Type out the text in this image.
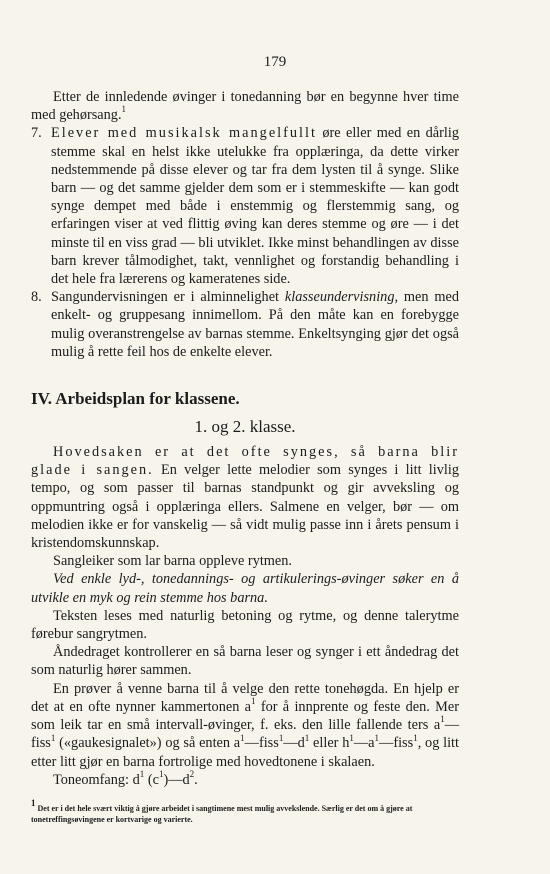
179

Etter de innledende øvinger i tonedanning bør en begynne hver time med gehørsang.$^1$

7. Elever med musikalsk mangelfullt øre eller med en dårlig stemme skal en helst ikke utelukke fra opplæringa, da dette virker nedstemmende på disse elever og tar fra dem lysten til å synge. Slike barn — og det samme gjelder dem som er i stemmeskifte — kan godt synge dempet med både i enstemmig og flerstemmig sang, og erfaringen viser at ved flittig øving kan deres stemme og øre — i det minste til en viss grad — bli utviklet. Ikke minst behandlingen av disse barn krever tålmodighet, takt, vennlighet og forstandig behandling i det hele fra lærerens og kameratenes side.
8. Sangundervisningen er i alminnelighet klasseundervisning, men med enkelt- og gruppesang innimellom. På den måte kan en forebygge mulig overanstrengelse av barnas stemme. Enkeltsynging gjør det også mulig å rette feil hos de enkelte elever.
IV. Arbeidsplan for klassene.
1. og 2. klasse.

Hovedsaken er at det ofte synges, så barna blir glade i sangen. En velger lette melodier som synges i litt livlig tempo, og som passer til barnas standpunkt og gir avveksling og oppmuntring også i opplæringa ellers. Salmene en velger, bør — om melodien ikke er for vanskelig — så vidt mulig passe inn i årets pensum i kristendomskunnskap.

Sangleiker som lar barna oppleve rytmen.

Ved enkle lyd-, tonedannings- og artikulerings-øvinger søker en å utvikle en myk og rein stemme hos barna.

Teksten leses med naturlig betoning og rytme, og denne talerytme førebur sangrytmen.

Åndedraget kontrollerer en så barna leser og synger i ett åndedrag det som naturlig hører sammen.

En prøver å venne barna til å velge den rette tonehøgda. En hjelp er det at en ofte nynner kammertonen $a^1$ for å innprente og feste den. Mer som leik tar en små intervall-øvinger, f. eks. den lille fallende ters $a^1—fiss^1$ («gaukesignalet») og så enten $a^1—fiss^1—d^1$ eller $h^1—a^1—fiss^1$, og litt etter litt gjør en barna fortrolige med hovedtonene i skalaen.

Toneomfang: $d^1$ $(c^1)—d^2$.

$^1$ Det er i det hele svært viktig å gjøre arbeidet i sangtimene mest mulig avvekslende. Særlig er det om å gjøre at tonetreffingsøvingene er kortvarige og varierte.
